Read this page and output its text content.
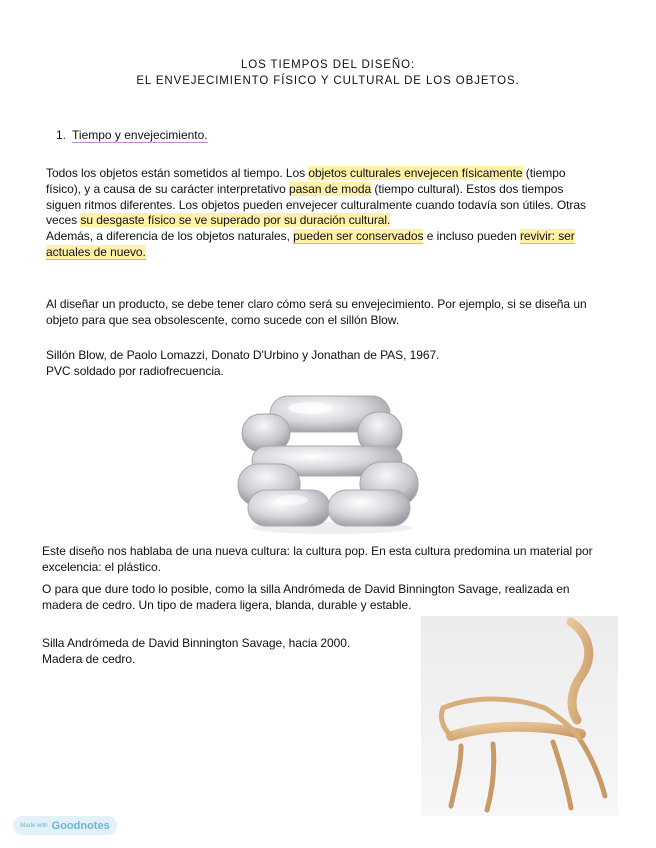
LOS TIEMPOS DEL DISEÑO:
EL ENVEJECIMIENTO FÍSICO Y CULTURAL DE LOS OBJETOS.
1. Tiempo y envejecimiento.
Todos los objetos están sometidos al tiempo. Los objetos culturales envejecen físicamente (tiempo físico), y a causa de su carácter interpretativo pasan de moda (tiempo cultural). Estos dos tiempos siguen ritmos diferentes. Los objetos pueden envejecer culturalmente cuando todavía son útiles. Otras veces su desgaste físico se ve superado por su duración cultural.
Además, a diferencia de los objetos naturales, pueden ser conservados e incluso pueden revivir: ser actuales de nuevo.
Al diseñar un producto, se debe tener claro cómo será su envejecimiento. Por ejemplo, si se diseña un objeto para que sea obsolescente, como sucede con el sillón Blow.
Sillón Blow, de Paolo Lomazzi, Donato D'Urbino y Jonathan de PAS, 1967.
PVC soldado por radiofrecuencia.
Este diseño nos hablaba de una nueva cultura: la cultura pop. En esta cultura predomina un material por excelencia: el plástico.
O para que dure todo lo posible, como la silla Andrómeda de David Binnington Savage, realizada en madera de cedro. Un tipo de madera ligera, blanda, durable y estable.
Silla Andrómeda de David Binnington Savage, hacia 2000.
Madera de cedro.
Made with Goodnotes
